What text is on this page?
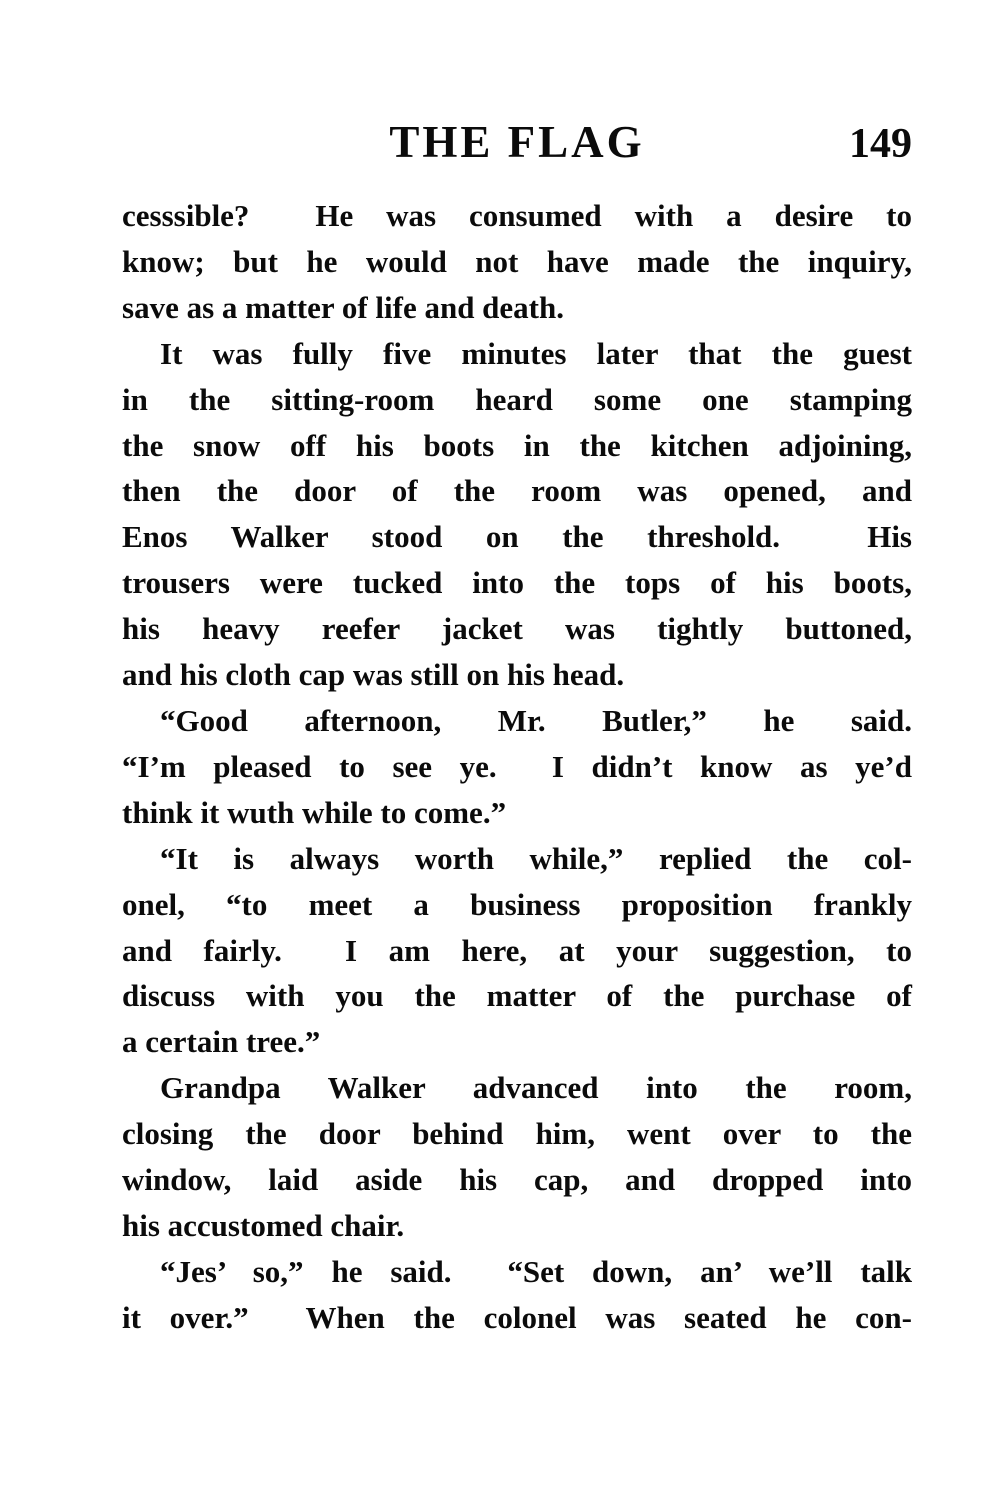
THE FLAG	149
cesssible?  He was consumed with a desire to
know; but he would not have made the inquiry,
save as a matter of life and death.
It was fully five minutes later that the guest
in the sitting-room heard some one stamping
the snow off his boots in the kitchen adjoining,
then the door of the room was opened, and
Enos Walker stood on the threshold.  His
trousers were tucked into the tops of his boots,
his heavy reefer jacket was tightly buttoned,
and his cloth cap was still on his head.
“Good afternoon, Mr. Butler,” he said.
“I’m pleased to see ye.  I didn’t know as ye’d
think it wuth while to come.”
“It is always worth while,” replied the col-
onel, “to meet a business proposition frankly
and fairly.  I am here, at your suggestion, to
discuss with you the matter of the purchase of
a certain tree.”
Grandpa Walker advanced into the room,
closing the door behind him, went over to the
window, laid aside his cap, and dropped into
his accustomed chair.
“Jes’ so,” he said.  “Set down, an’ we’ll talk
it over.”  When the colonel was seated he con-
